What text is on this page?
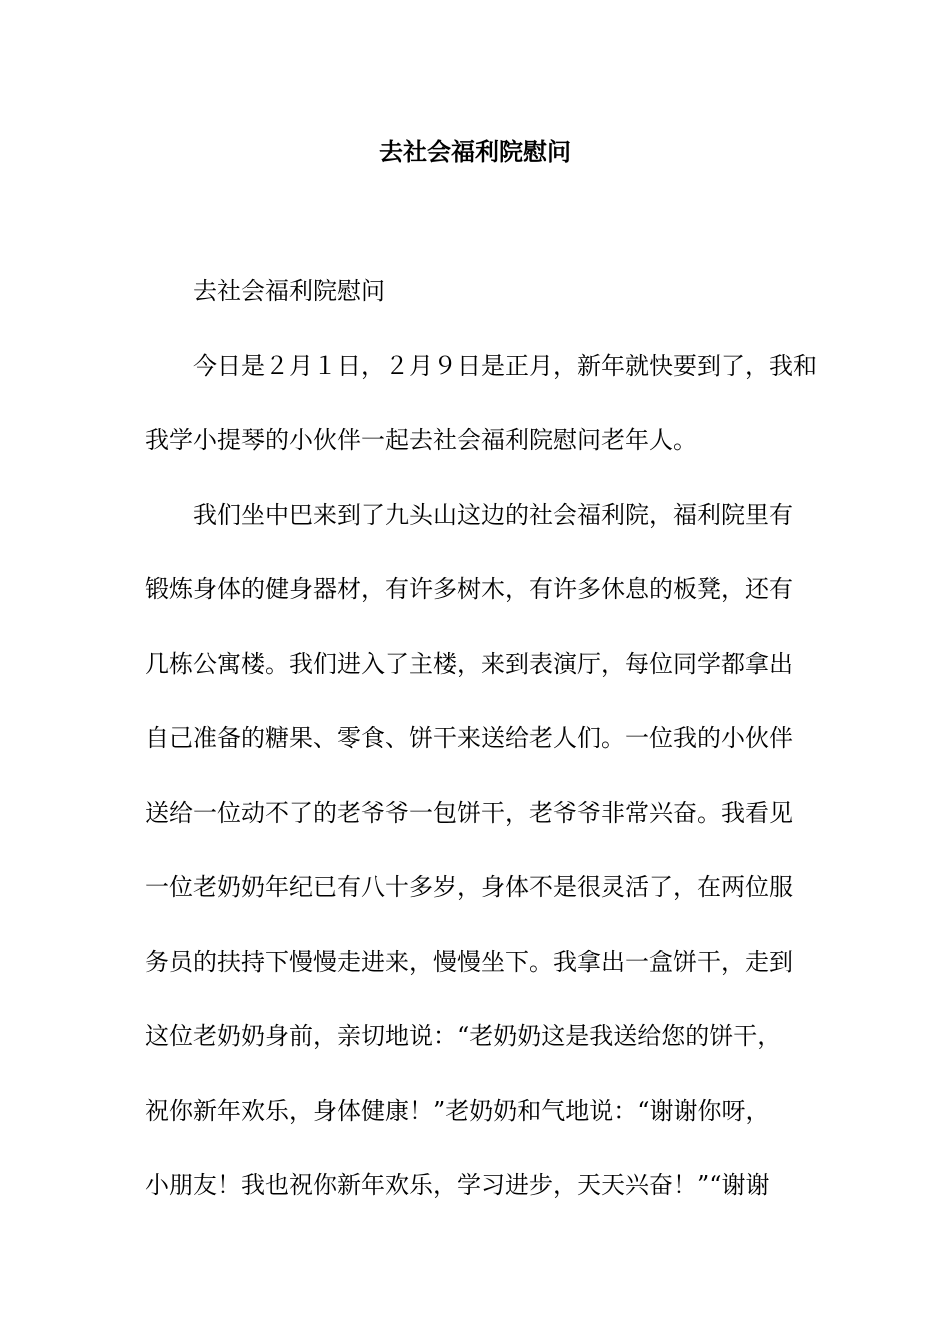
去社会福利院慰问
去社会福利院慰问
今日是２月１日，２月９日是正月，新年就快要到了，我和
我学小提琴的小伙伴一起去社会福利院慰问老年人。
我们坐中巴来到了九头山这边的社会福利院，福利院里有
锻炼身体的健身器材，有许多树木，有许多休息的板凳，还有
几栋公寓楼。我们进入了主楼，来到表演厅，每位同学都拿出
自己准备的糖果、零食、饼干来送给老人们。一位我的小伙伴
送给一位动不了的老爷爷一包饼干，老爷爷非常兴奋。我看见
一位老奶奶年纪已有八十多岁，身体不是很灵活了，在两位服
务员的扶持下慢慢走进来，慢慢坐下。我拿出一盒饼干，走到
这位老奶奶身前，亲切地说：“老奶奶这是我送给您的饼干，
祝你新年欢乐，身体健康！”老奶奶和气地说：“谢谢你呀，
小朋友！我也祝你新年欢乐，学习进步，天天兴奋！”“谢谢
